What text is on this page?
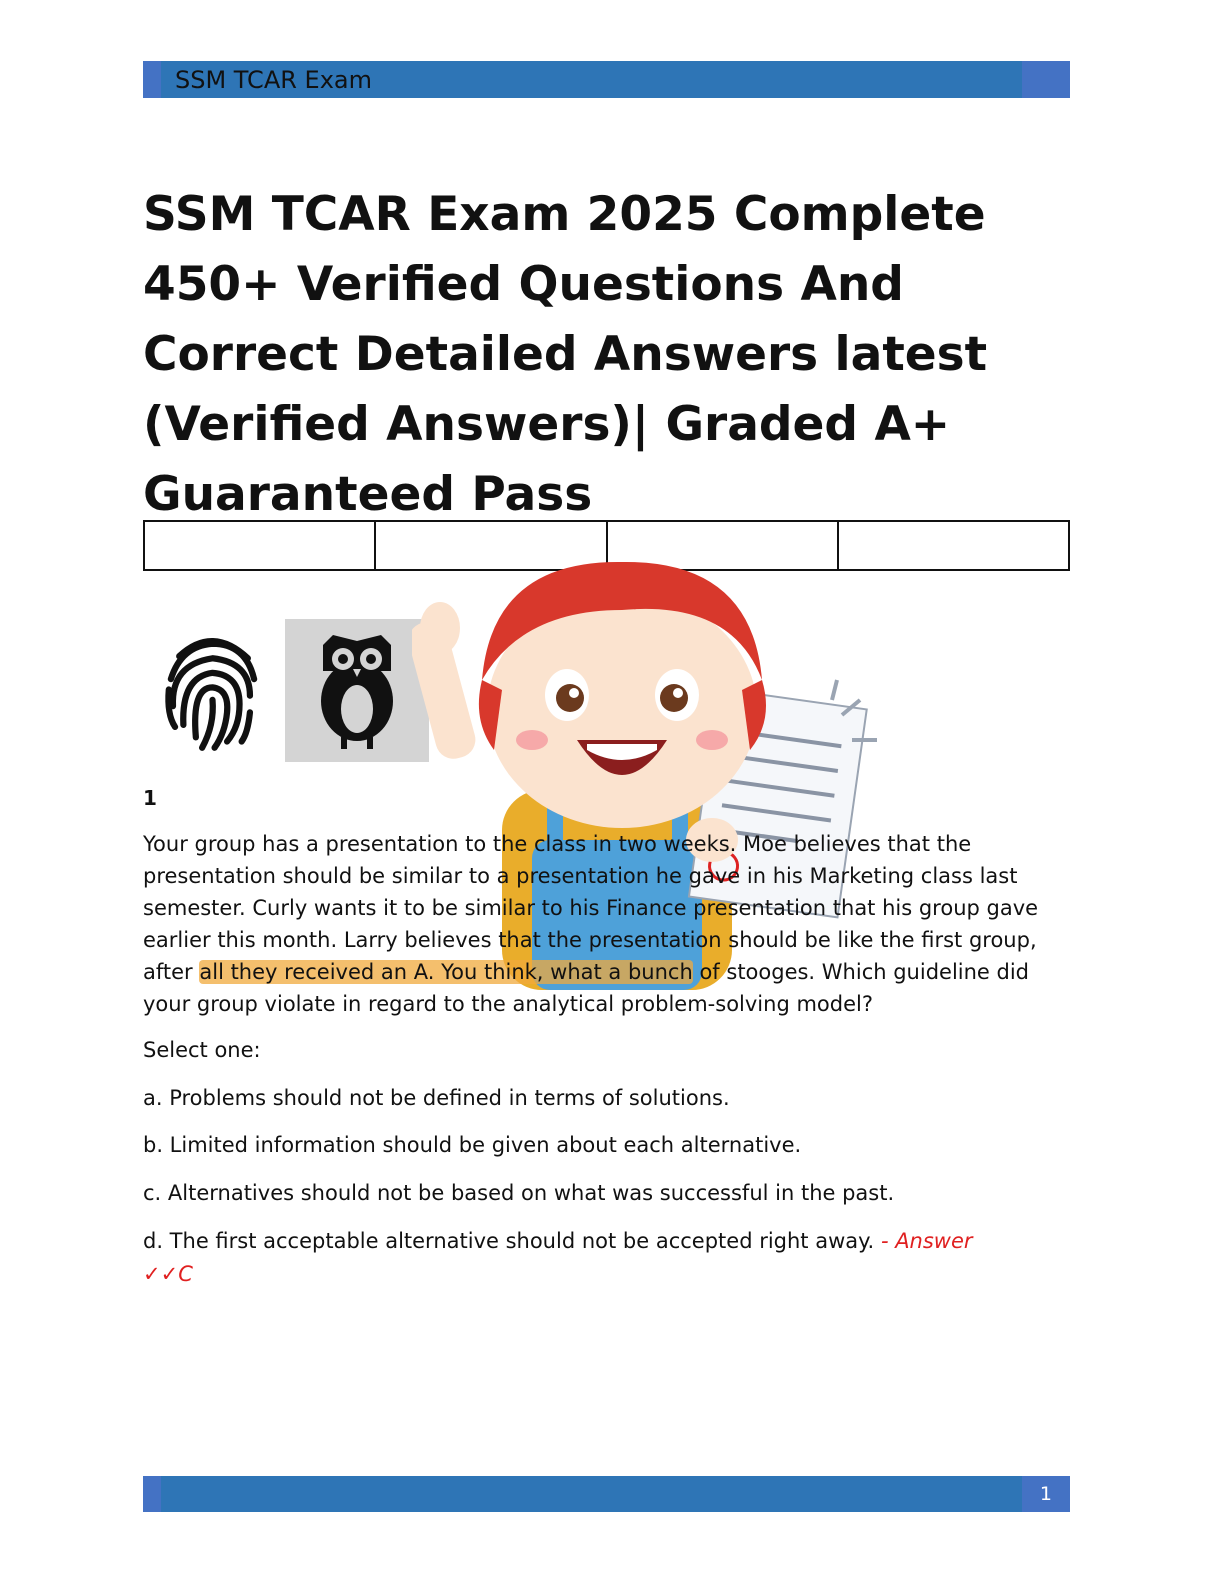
SSM TCAR Exam
SSM TCAR Exam 2025 Complete 450+ Verified Questions And Correct Detailed Answers latest (Verified Answers)| Graded A+ Guaranteed Pass

1

Your group has a presentation to the class in two weeks. Moe believes that the presentation should be similar to a presentation he gave in his Marketing class last semester. Curly wants it to be similar to his Finance presentation that his group gave earlier this month. Larry believes that the presentation should be like the first group, after all they received an A. You think, what a bunch of stooges. Which guideline did your group violate in regard to the analytical problem-solving model?

Select one:
a. Problems should not be defined in terms of solutions.
b. Limited information should be given about each alternative.
c. Alternatives should not be based on what was successful in the past.
d. The first acceptable alternative should not be accepted right away. - Answer
✓✓C
1
